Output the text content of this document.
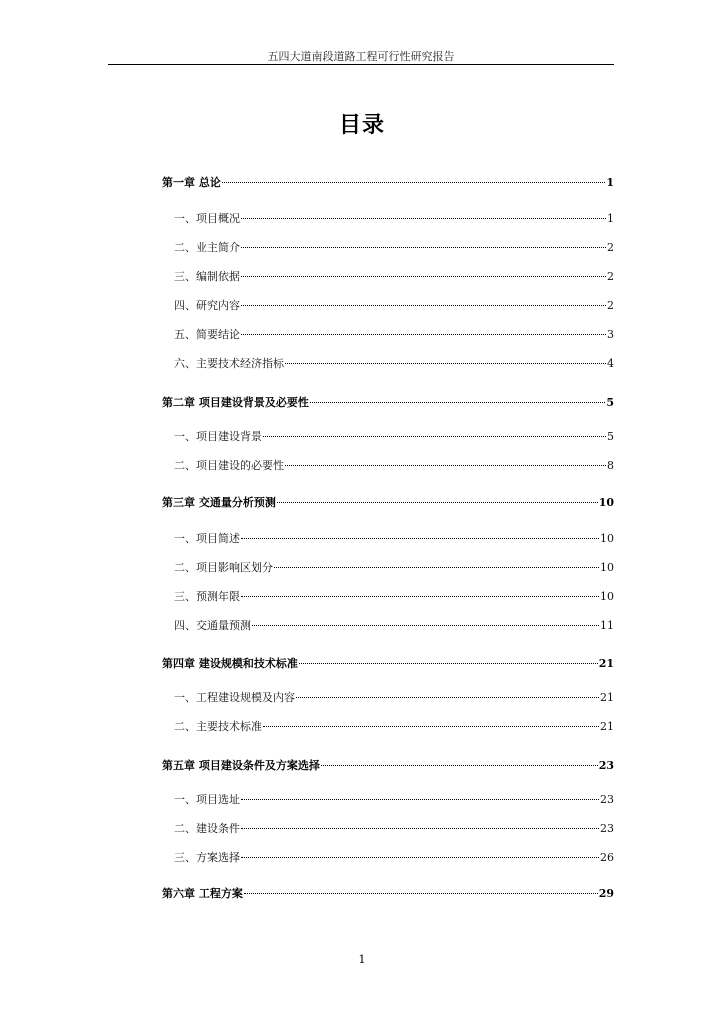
五四大道南段道路工程可行性研究报告
目录
第一章 总论	1
一、项目概况	1
二、业主简介	2
三、编制依据	2
四、研究内容	2
五、简要结论	3
六、主要技术经济指标	4
第二章 项目建设背景及必要性	5
一、项目建设背景	5
二、项目建设的必要性	8
第三章 交通量分析预测	10
一、项目简述	10
二、项目影响区划分	10
三、预测年限	10
四、交通量预测	11
第四章 建设规模和技术标准	21
一、工程建设规模及内容	21
二、主要技术标准	21
第五章 项目建设条件及方案选择	23
一、项目选址	23
二、建设条件	23
三、方案选择	26
第六章 工程方案	29
1
